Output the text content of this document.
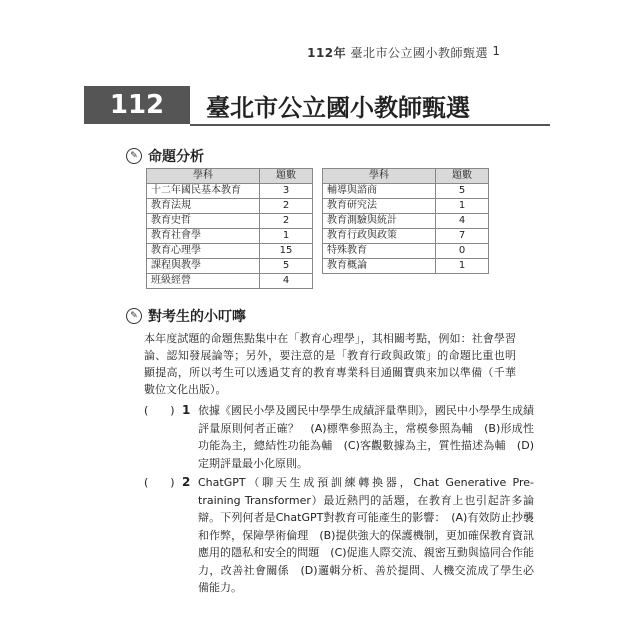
112年 臺北市公立國小教師甄選 1
112	臺北市公立國小教師甄選
✎ 命題分析
學科	題數
十二年國民基本教育	3
教育法規	2
教育史哲	2
教育社會學	1
教育心理學	15
課程與教學	5
班級經營	4
學科	題數
輔導與諮商	5
教育研究法	1
教育測驗與統計	4
教育行政與政策	7
特殊教育	0
教育概論	1
✎ 對考生的小叮嚀
本年度試題的命題焦點集中在「教育心理學」，其相關考點，例如：社會學習論、認知發展論等；另外，要注意的是「教育行政與政策」的命題比重也明顯提高，所以考生可以透過艾育的教育專業科目通關寶典來加以準備（千華數位文化出版）。
(　　) 1 依據《國民小學及國民中學學生成績評量準則》，國民中小學學生成績評量原則何者正確？　(A)標準參照為主，常模參照為輔　(B)形成性功能為主，總結性功能為輔　(C)客觀數據為主，質性描述為輔　(D)定期評量最小化原則。
(　　) 2 ChatGPT（聊天生成預訓練轉換器，Chat Generative Pre-training Transformer）最近熱門的話題，在教育上也引起許多論辯。下列何者是ChatGPT對教育可能產生的影響：　(A)有效防止抄襲和作弊，保障學術倫理　(B)提供強大的保護機制，更加確保教育資訊應用的隱私和安全的問題　(C)促進人際交流、親密互動與協同合作能力，改善社會關係　(D)邏輯分析、善於提問、人機交流成了學生必備能力。
